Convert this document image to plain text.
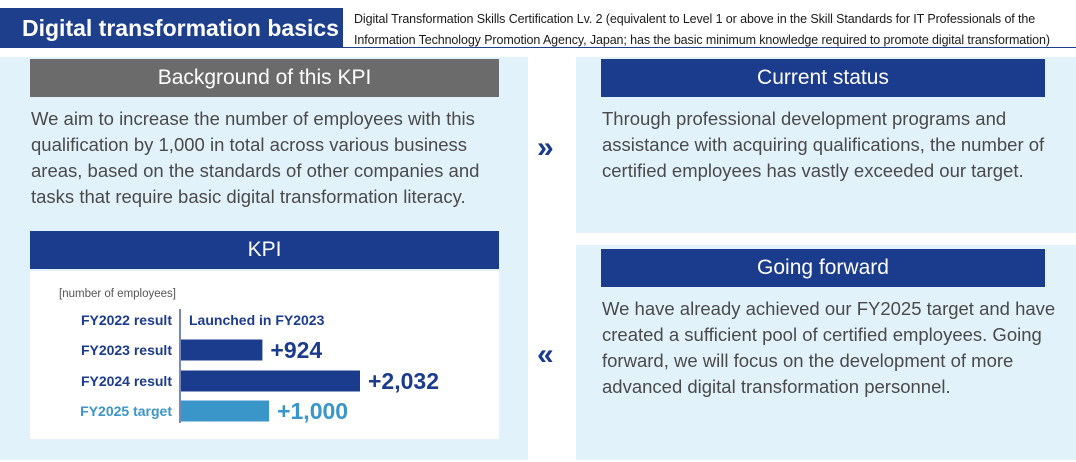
Digital transformation basics	Digital Transformation Skills Certification Lv. 2 (equivalent to Level 1 or above in the Skill Standards for IT Professionals of the
Information Technology Promotion Agency, Japan; has the basic minimum knowledge required to promote digital transformation)
Background of this KPI
We aim to increase the number of employees with this qualification by 1,000 in total across various business areas, based on the standards of other companies and tasks that require basic digital transformation literacy.
KPI
[number of employees]
FY2022 result Launched in FY2023
FY2023 result	+924
FY2024 result	+2,032
FY2025 target	+1,000
»
«
Current status
Through professional development programs and assistance with acquiring qualifications, the number of certified employees has vastly exceeded our target.
Going forward
We have already achieved our FY2025 target and have created a sufficient pool of certified employees. Going forward, we will focus on the development of more advanced digital transformation personnel.
